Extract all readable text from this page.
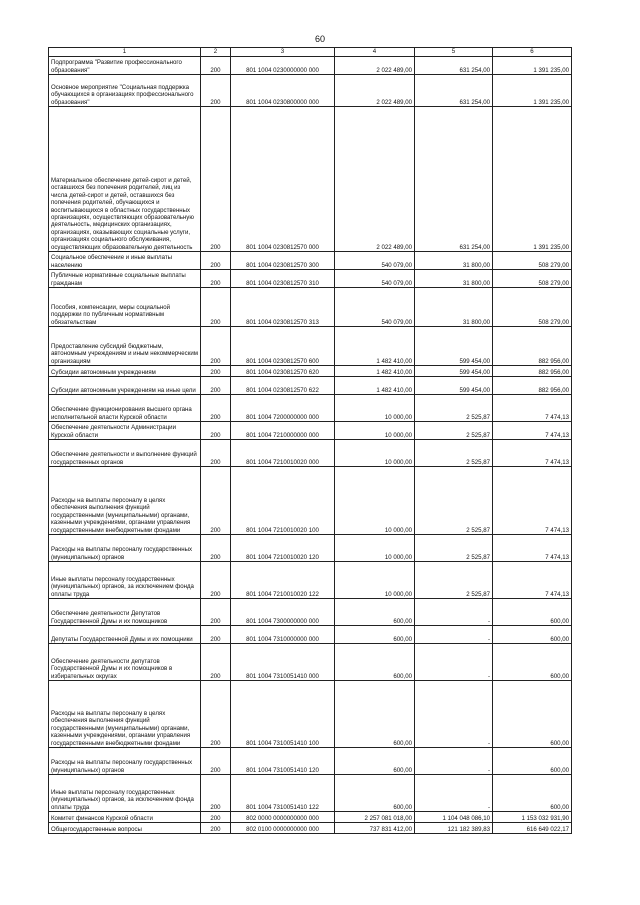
60
1	2	3	4	5	6
Подпрограмма "Развитие профессионального образования"	200	801 1004 0230000000 000	2 022 489,00	631 254,00	1 391 235,00
Основное мероприятие "Социальная поддержка обучающихся в организациях профессионального образования"	200	801 1004 0230800000 000	2 022 489,00	631 254,00	1 391 235,00
Материальное обеспечение детей-сирот и детей, оставшихся без попечения родителей, лиц из числа детей-сирот и детей, оставшихся без попечения родителей, обучающихся и воспитывающихся в областных государственных организациях, осуществляющих образовательную деятельность, медицинских организациях, организациях, оказывающих социальные услуги, организациях социального обслуживания, осуществляющих образовательную деятельность	200	801 1004 0230812570 000	2 022 489,00	631 254,00	1 391 235,00
Социальное обеспечение и иные выплаты населению	200	801 1004 0230812570 300	540 079,00	31 800,00	508 279,00
Публичные нормативные социальные выплаты гражданам	200	801 1004 0230812570 310	540 079,00	31 800,00	508 279,00
Пособия, компенсации, меры социальной поддержки по публичным нормативным обязательствам	200	801 1004 0230812570 313	540 079,00	31 800,00	508 279,00
Предоставление субсидий бюджетным, автономным учреждениям и иным некоммерческим организациям	200	801 1004 0230812570 600	1 482 410,00	599 454,00	882 956,00
Субсидии автономным учреждениям	200	801 1004 0230812570 620	1 482 410,00	599 454,00	882 956,00
Субсидии автономным учреждениям на иные цели	200	801 1004 0230812570 622	1 482 410,00	599 454,00	882 956,00
Обеспечение функционирования высшего органа исполнительной власти Курской области	200	801 1004 7200000000 000	10 000,00	2 525,87	7 474,13
Обеспечение деятельности Администрации Курской области	200	801 1004 7210000000 000	10 000,00	2 525,87	7 474,13
Обеспечение деятельности и выполнение функций государственных органов	200	801 1004 7210010020 000	10 000,00	2 525,87	7 474,13
Расходы на выплаты персоналу в целях обеспечения выполнения функций государственными (муниципальными) органами, казенными учреждениями, органами управления государственными внебюджетными фондами	200	801 1004 7210010020 100	10 000,00	2 525,87	7 474,13
Расходы на выплаты персоналу государственных (муниципальных) органов	200	801 1004 7210010020 120	10 000,00	2 525,87	7 474,13
Иные выплаты персоналу государственных (муниципальных) органов, за исключением фонда оплаты труда	200	801 1004 7210010020 122	10 000,00	2 525,87	7 474,13
Обеспечение деятельности Депутатов Государственной Думы и их помощников	200	801 1004 7300000000 000	600,00	-	600,00
Депутаты Государственной Думы и их помощники	200	801 1004 7310000000 000	600,00	-	600,00
Обеспечение деятельности депутатов Государственной Думы и их помощников в избирательных округах	200	801 1004 7310051410 000	600,00	-	600,00
Расходы на выплаты персоналу в целях обеспечения выполнения функций государственными (муниципальными) органами, казенными учреждениями, органами управления государственными внебюджетными фондами	200	801 1004 7310051410 100	600,00	-	600,00
Расходы на выплаты персоналу государственных (муниципальных) органов	200	801 1004 7310051410 120	600,00	-	600,00
Иные выплаты персоналу государственных (муниципальных) органов, за исключением фонда оплаты труда	200	801 1004 7310051410 122	600,00	-	600,00
Комитет финансов Курской области	200	802 0000 0000000000 000	2 257 081 018,00	1 104 048 086,10	1 153 032 931,90
Общегосударственные вопросы	200	802 0100 0000000000 000	737 831 412,00	121 182 389,83	616 649 022,17
